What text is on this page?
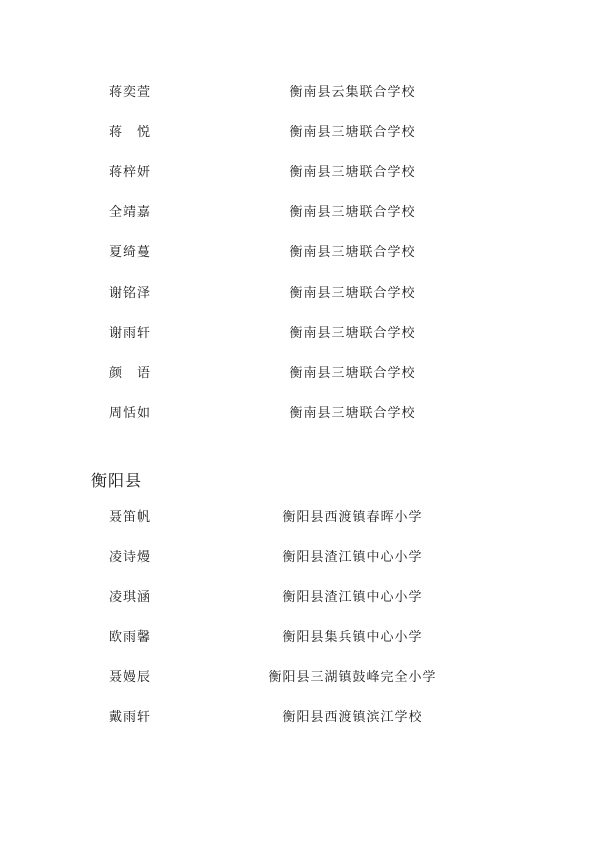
蒋奕萱	衡南县云集联合学校
蒋　悦	衡南县三塘联合学校
蒋梓妍	衡南县三塘联合学校
全靖嘉	衡南县三塘联合学校
夏绮蔓	衡南县三塘联合学校
谢铭泽	衡南县三塘联合学校
谢雨轩	衡南县三塘联合学校
颜　语	衡南县三塘联合学校
周恬如	衡南县三塘联合学校
衡阳县
聂笛帆	衡阳县西渡镇春晖小学
凌诗熳	衡阳县渣江镇中心小学
凌琪涵	衡阳县渣江镇中心小学
欧雨馨	衡阳县集兵镇中心小学
聂嫚辰	衡阳县三湖镇鼓峰完全小学
戴雨轩	衡阳县西渡镇滨江学校
